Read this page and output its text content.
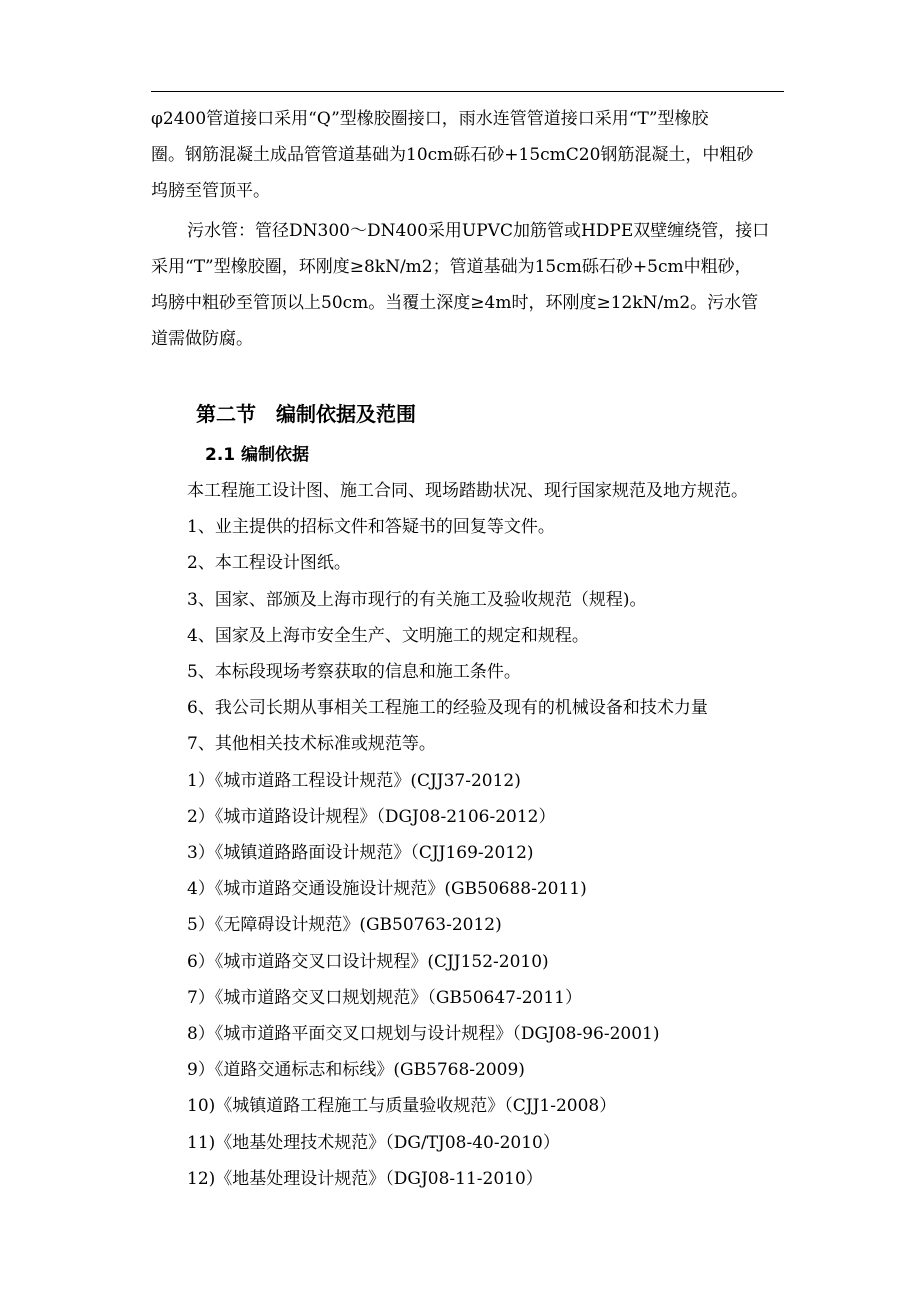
φ2400管道接口采用“Q”型橡胶圈接口，雨水连管管道接口采用“T”型橡胶

圈。钢筋混凝土成品管管道基础为10cm砾石砂+15cmC20钢筋混凝土，中粗砂

坞膀至管顶平。

污水管：管径DN300～DN400采用UPVC加筋管或HDPE双壁缠绕管，接口

采用“T”型橡胶圈，环刚度≥8kN/m2；管道基础为15cm砾石砂+5cm中粗砂，

坞膀中粗砂至管顶以上50cm。当覆土深度≥4m时，环刚度≥12kN/m2。污水管

道需做防腐。

第二节　编制依据及范围
2.1 编制依据
本工程施工设计图、施工合同、现场踏勘状况、现行国家规范及地方规范。
1、业主提供的招标文件和答疑书的回复等文件。
2、本工程设计图纸。
3、国家、部颁及上海市现行的有关施工及验收规范（规程)。
4、国家及上海市安全生产、文明施工的规定和规程。
5、本标段现场考察获取的信息和施工条件。
6、我公司长期从事相关工程施工的经验及现有的机械设备和技术力量
7、其他相关技术标准或规范等。
1）《城市道路工程设计规范》(CJJ37-2012)
2）《城市道路设计规程》（DGJ08-2106-2012）
3）《城镇道路路面设计规范》（CJJ169-2012)
4）《城市道路交通设施设计规范》(GB50688-2011)
5）《无障碍设计规范》(GB50763-2012)
6）《城市道路交叉口设计规程》(CJJ152-2010)
7）《城市道路交叉口规划规范》（GB50647-2011）
8）《城市道路平面交叉口规划与设计规程》（DGJ08-96-2001)
9）《道路交通标志和标线》(GB5768-2009)
10)《城镇道路工程施工与质量验收规范》（CJJ1-2008）
11)《地基处理技术规范》（DG/TJ08-40-2010）
12)《地基处理设计规范》（DGJ08-11-2010）
